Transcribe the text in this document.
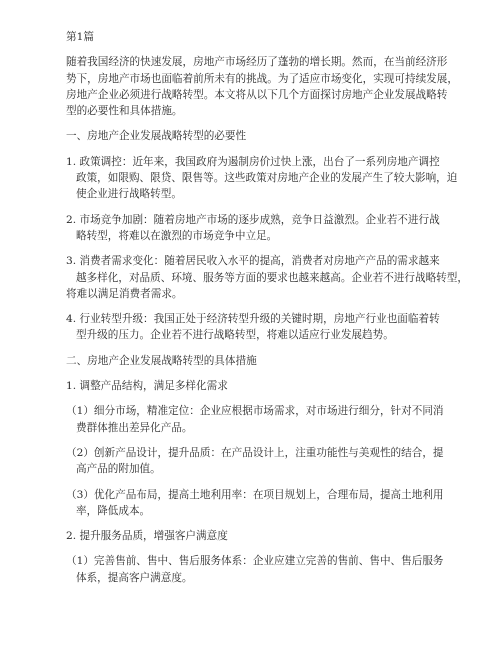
第1篇

随着我国经济的快速发展，房地产市场经历了蓬勃的增长期。然而，在当前经济形
势下，房地产市场也面临着前所未有的挑战。为了适应市场变化，实现可持续发展，
房地产企业必须进行战略转型。本文将从以下几个方面探讨房地产企业发展战略转
型的必要性和具体措施。

一、房地产企业发展战略转型的必要性

1. 政策调控：近年来，我国政府为遏制房价过快上涨，出台了一系列房地产调控
政策，如限购、限贷、限售等。这些政策对房地产企业的发展产生了较大影响，迫
使企业进行战略转型。

2. 市场竞争加剧：随着房地产市场的逐步成熟，竞争日益激烈。企业若不进行战
略转型，将难以在激烈的市场竞争中立足。

3. 消费者需求变化：随着居民收入水平的提高，消费者对房地产产品的需求越来
越多样化，对品质、环境、服务等方面的要求也越来越高。企业若不进行战略转型，
将难以满足消费者需求。

4. 行业转型升级：我国正处于经济转型升级的关键时期，房地产行业也面临着转
型升级的压力。企业若不进行战略转型，将难以适应行业发展趋势。

二、房地产企业发展战略转型的具体措施

1. 调整产品结构，满足多样化需求

（1）细分市场，精准定位：企业应根据市场需求，对市场进行细分，针对不同消
费群体推出差异化产品。

（2）创新产品设计，提升品质：在产品设计上，注重功能性与美观性的结合，提
高产品的附加值。

（3）优化产品布局，提高土地利用率：在项目规划上，合理布局，提高土地利用
率，降低成本。

2. 提升服务品质，增强客户满意度

（1）完善售前、售中、售后服务体系：企业应建立完善的售前、售中、售后服务
体系，提高客户满意度。
